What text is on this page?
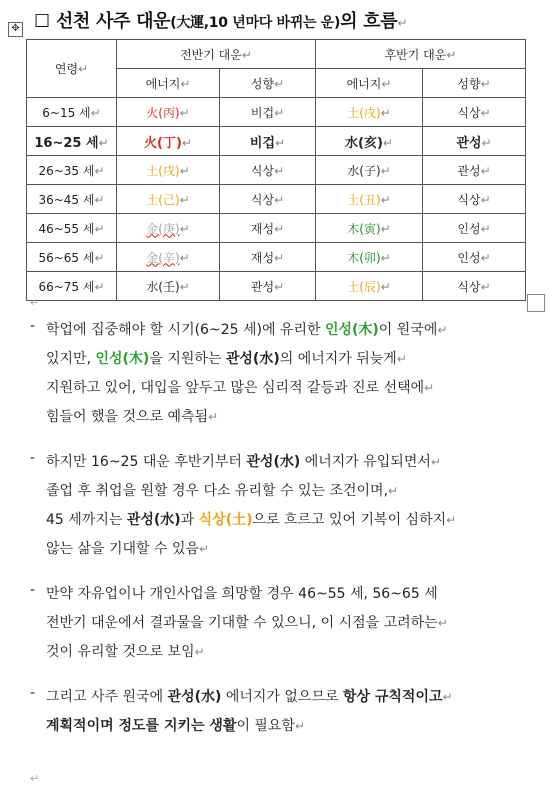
✥ ☐ 선천 사주 대운(大運,10 년마다 바뀌는 운)의 흐름↵
연령↵	전반기 대운↵		후반기 대운↵	
	에너지↵	성향↵	에너지↵	성향↵
6~15 세↵	火(丙)↵	비겁↵	土(戌)↵	식상↵
16~25 세↵	火(丁)↵	비겁↵	水(亥)↵	관성↵
26~35 세↵	土(戌)↵	식상↵	水(子)↵	관성↵
36~45 세↵	土(己)↵	식상↵	土(丑)↵	식상↵
46~55 세↵	金(庚)↵	재성↵	木(寅)↵	인성↵
56~65 세↵	金(辛)↵	재성↵	木(卯)↵	인성↵
66~75 세↵	水(壬)↵	관성↵	土(辰)↵	식상↵
↵
- 학업에 집중해야 할 시기(6~25 세)에 유리한 인성(木)이 원국에↵
있지만, 인성(木)을 지원하는 관성(水)의 에너지가 뒤늦게↵
지원하고 있어, 대입을 앞두고 많은 심리적 갈등과 진로 선택에↵
힘들어 했을 것으로 예측됨↵
- 하지만 16~25 대운 후반기부터 관성(水) 에너지가 유입되면서↵
졸업 후 취업을 원할 경우 다소 유리할 수 있는 조건이며,↵
45 세까지는 관성(水)과 식상(土)으로 흐르고 있어 기복이 심하지↵
않는 삶을 기대할 수 있음↵
- 만약 자유업이나 개인사업을 희망할 경우 46~55 세, 56~65 세
전반기 대운에서 결과물을 기대할 수 있으니, 이 시점을 고려하는↵
것이 유리할 것으로 보임↵
- 그리고 사주 원국에 관성(水) 에너지가 없으므로 항상 규칙적이고↵
계획적이며 정도를 지키는 생활이 필요함↵
↵
